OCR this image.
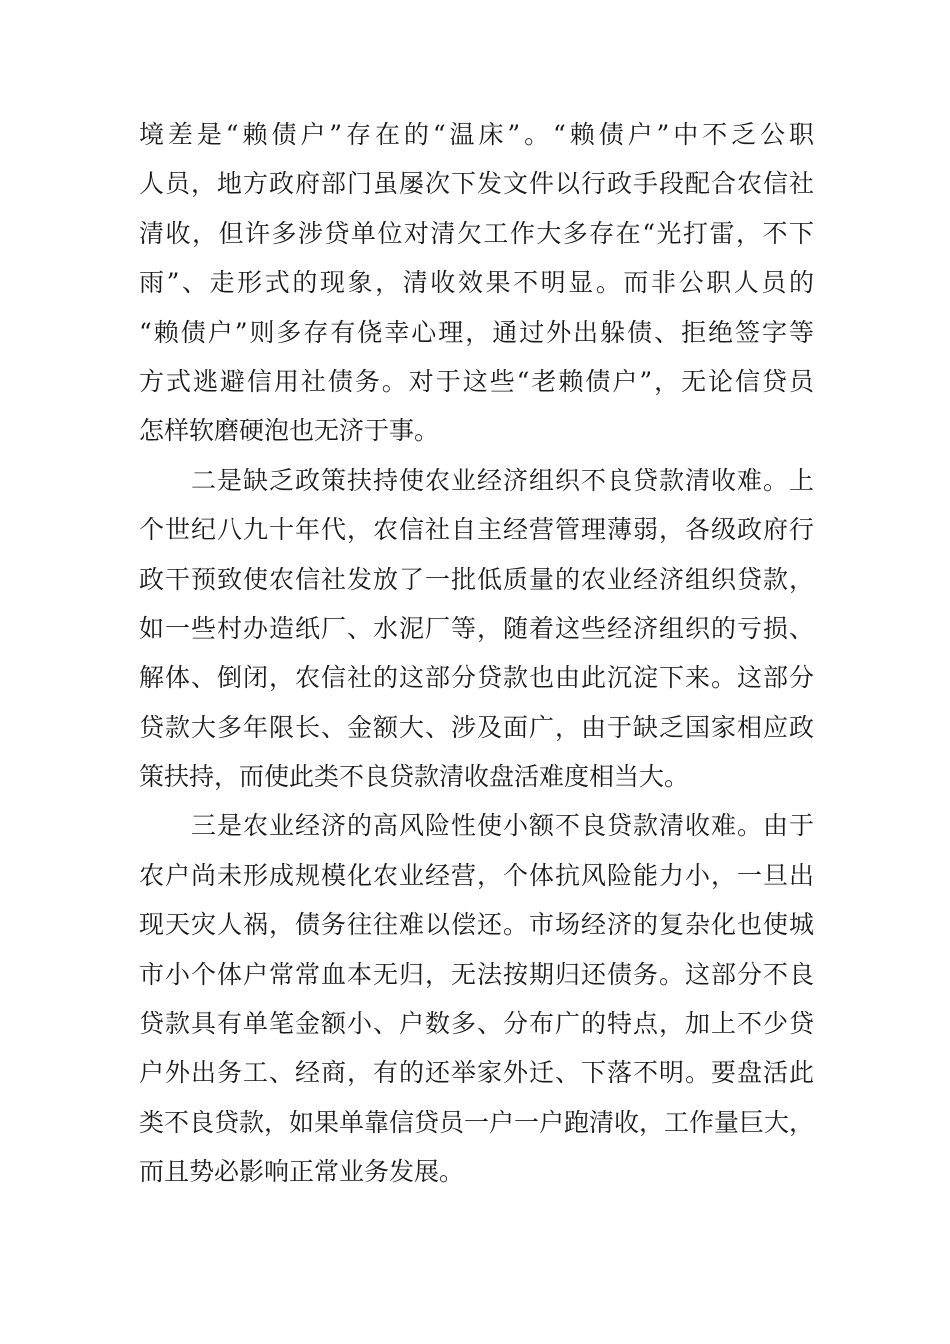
境差是“赖债户”存在的“温床”。“赖债户”中不乏公职
人员，地方政府部门虽屡次下发文件以行政手段配合农信社
清收，但许多涉贷单位对清欠工作大多存在“光打雷，不下
雨”、走形式的现象，清收效果不明显。而非公职人员的
“赖债户”则多存有侥幸心理，通过外出躲债、拒绝签字等
方式逃避信用社债务。对于这些“老赖债户”，无论信贷员
怎样软磨硬泡也无济于事。
　　二是缺乏政策扶持使农业经济组织不良贷款清收难。上
个世纪八九十年代，农信社自主经营管理薄弱，各级政府行
政干预致使农信社发放了一批低质量的农业经济组织贷款，
如一些村办造纸厂、水泥厂等，随着这些经济组织的亏损、
解体、倒闭，农信社的这部分贷款也由此沉淀下来。这部分
贷款大多年限长、金额大、涉及面广，由于缺乏国家相应政
策扶持，而使此类不良贷款清收盘活难度相当大。
　　三是农业经济的高风险性使小额不良贷款清收难。由于
农户尚未形成规模化农业经营，个体抗风险能力小，一旦出
现天灾人祸，债务往往难以偿还。市场经济的复杂化也使城
市小个体户常常血本无归，无法按期归还债务。这部分不良
贷款具有单笔金额小、户数多、分布广的特点，加上不少贷
户外出务工、经商，有的还举家外迁、下落不明。要盘活此
类不良贷款，如果单靠信贷员一户一户跑清收，工作量巨大，
而且势必影响正常业务发展。
